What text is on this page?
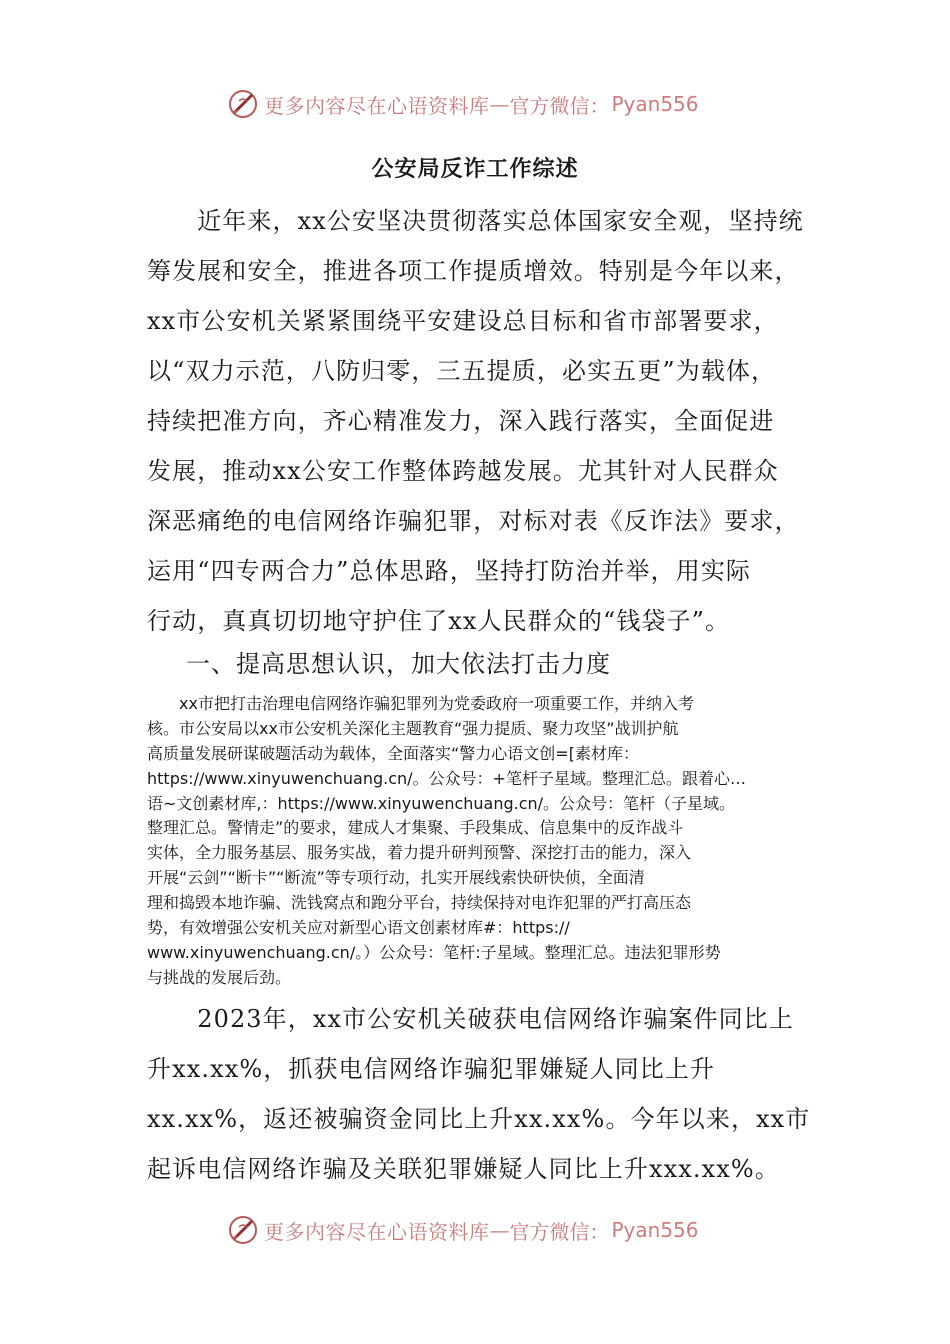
更多内容尽在心语资料库 — 官方微信： Pyan556
公安局反诈工作综述
　　近年来，xx公安坚决贯彻落实总体国家安全观，坚持统
筹发展和安全，推进各项工作提质增效。特别是今年以来，
xx市公安机关紧紧围绕平安建设总目标和省市部署要求，
以“双力示范，八防归零，三五提质，必实五更”为载体，
持续把准方向，齐心精准发力，深入践行落实，全面促进
发展，推动xx公安工作整体跨越发展。尤其针对人民群众
深恶痛绝的电信网络诈骗犯罪，对标对表《反诈法》要求，
运用“四专两合力”总体思路，坚持打防治并举，用实际
行动，真真切切地守护住了xx人民群众的“钱袋子”。
一、提高思想认识，加大依法打击力度
　　xx市把打击治理电信网络诈骗犯罪列为党委政府一项重要工作，并纳入考
核。市公安局以xx市公安机关深化主题教育“强力提质、聚力攻坚”战训护航
高质量发展研谋破题活动为载体，全面落实“警力心语文创=[素材库：
https://www.xinyuwenchuang.cn/。公众号：+笔杆子星域。整理汇总。跟着心…
语~文创素材库,：https://www.xinyuwenchuang.cn/。公众号：笔杆（子星域。
整理汇总。警情走”的要求，建成人才集聚、手段集成、信息集中的反诈战斗
实体，全力服务基层、服务实战，着力提升研判预警、深挖打击的能力，深入
开展“云剑”“断卡”“断流”等专项行动，扎实开展线索快研快侦，全面清
理和捣毁本地诈骗、洗钱窝点和跑分平台，持续保持对电诈犯罪的严打高压态
势，有效增强公安机关应对新型心语文创素材库#：https://
www.xinyuwenchuang.cn/。）公众号：笔杆:子星域。整理汇总。违法犯罪形势
与挑战的发展后劲。
　　2023年，xx市公安机关破获电信网络诈骗案件同比上
升xx.xx%，抓获电信网络诈骗犯罪嫌疑人同比上升
xx.xx%，返还被骗资金同比上升xx.xx%。今年以来，xx市
起诉电信网络诈骗及关联犯罪嫌疑人同比上升xxx.xx%。
更多内容尽在心语资料库 — 官方微信： Pyan556
